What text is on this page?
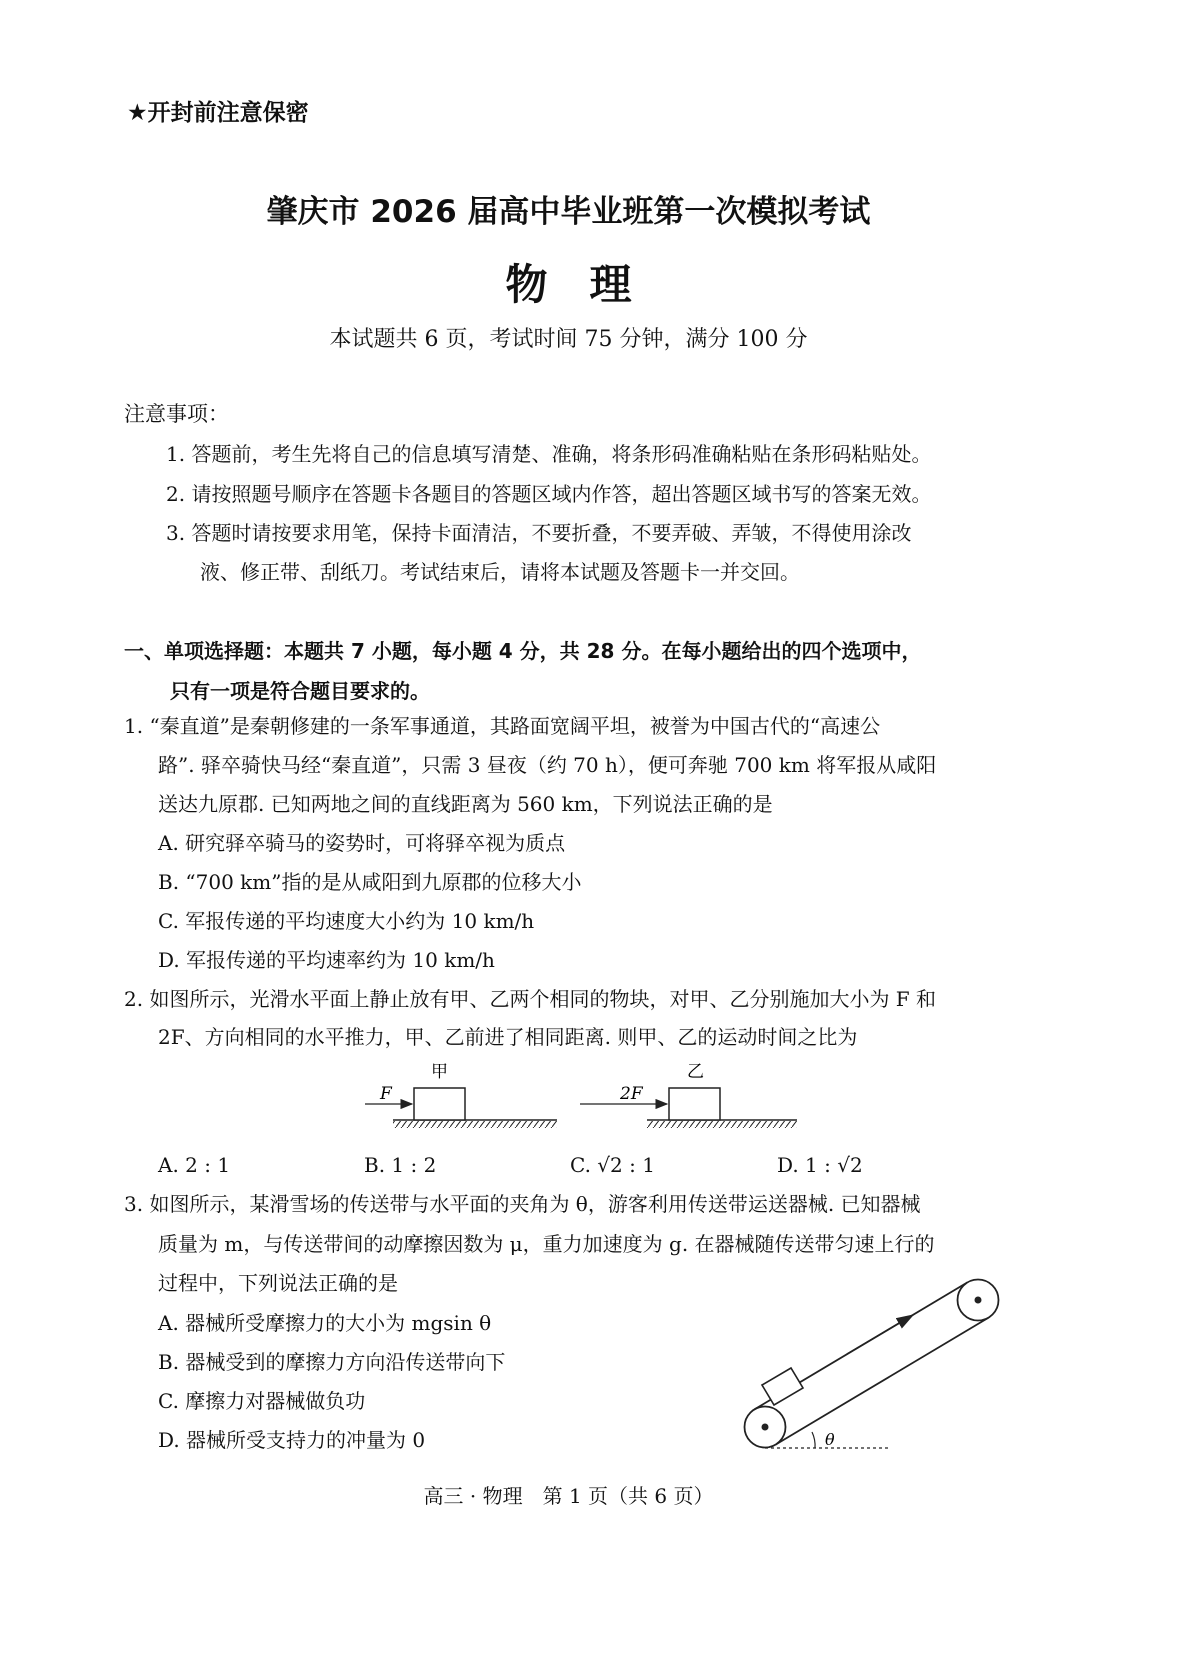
★开封前注意保密
肇庆市 2026 届高中毕业班第一次模拟考试
物　理
本试题共 6 页，考试时间 75 分钟，满分 100 分
注意事项：
1. 答题前，考生先将自己的信息填写清楚、准确，将条形码准确粘贴在条形码粘贴处。
2. 请按照题号顺序在答题卡各题目的答题区域内作答，超出答题区域书写的答案无效。
3. 答题时请按要求用笔，保持卡面清洁，不要折叠，不要弄破、弄皱，不得使用涂改
液、修正带、刮纸刀。考试结束后，请将本试题及答题卡一并交回。
一、单项选择题：本题共 7 小题，每小题 4 分，共 28 分。在每小题给出的四个选项中，
只有一项是符合题目要求的。
1. “秦直道”是秦朝修建的一条军事通道，其路面宽阔平坦，被誉为中国古代的“高速公
路”. 驿卒骑快马经“秦直道”，只需 3 昼夜（约 70 h），便可奔驰 700 km 将军报从咸阳
送达九原郡. 已知两地之间的直线距离为 560 km，下列说法正确的是
A. 研究驿卒骑马的姿势时，可将驿卒视为质点
B. “700 km”指的是从咸阳到九原郡的位移大小
C. 军报传递的平均速度大小约为 10 km/h
D. 军报传递的平均速率约为 10 km/h
2. 如图所示，光滑水平面上静止放有甲、乙两个相同的物块，对甲、乙分别施加大小为 F 和
2F、方向相同的水平推力，甲、乙前进了相同距离. 则甲、乙的运动时间之比为
F
甲
2F
乙
A. 2 : 1	B. 1 : 2	C. √2 : 1	D. 1 : √2
3. 如图所示，某滑雪场的传送带与水平面的夹角为 θ，游客利用传送带运送器械. 已知器械
质量为 m，与传送带间的动摩擦因数为 μ，重力加速度为 g. 在器械随传送带匀速上行的
过程中，下列说法正确的是
A. 器械所受摩擦力的大小为 mgsin θ
B. 器械受到的摩擦力方向沿传送带向下
C. 摩擦力对器械做负功
D. 器械所受支持力的冲量为 0	θ
高三 · 物理　第 1 页（共 6 页）
